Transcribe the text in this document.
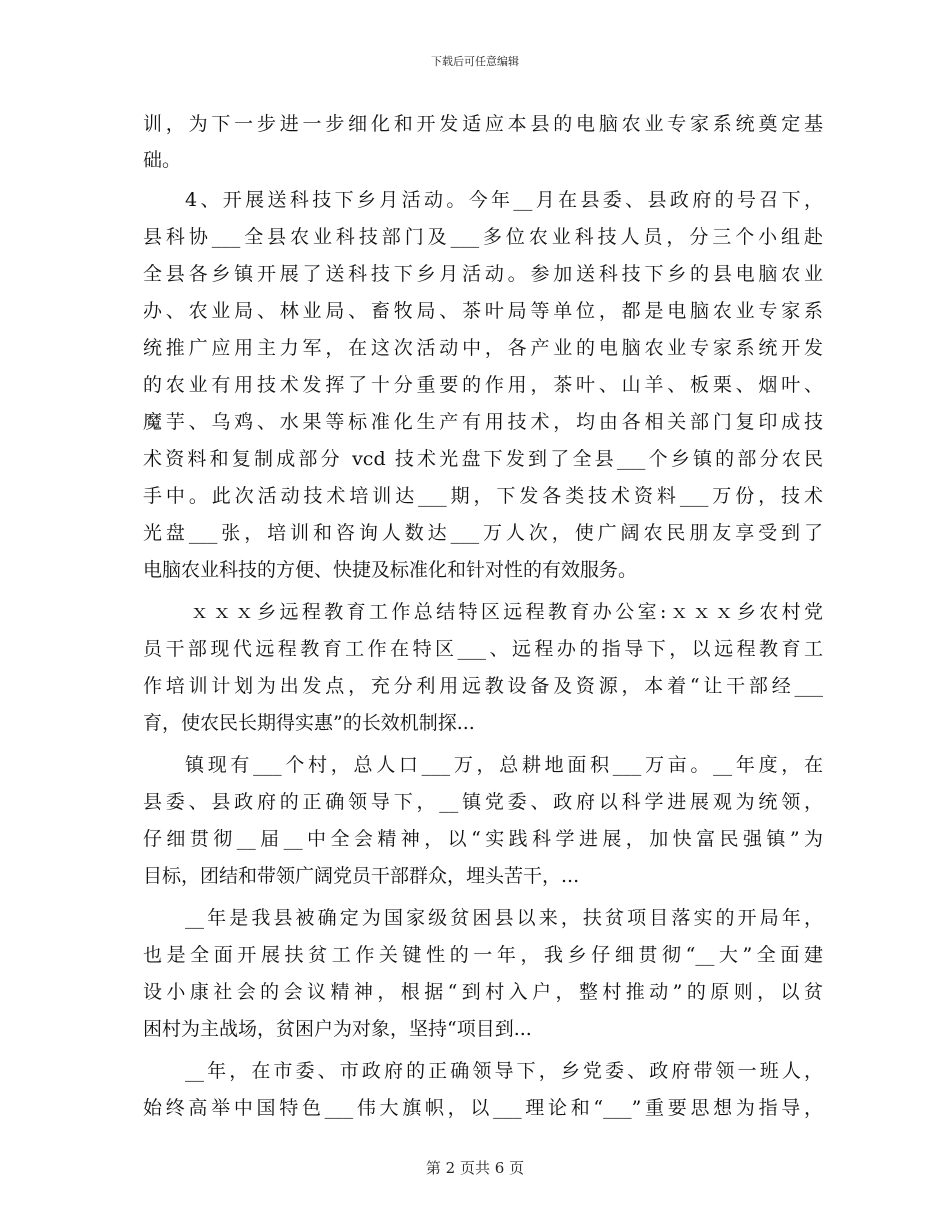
下载后可任意编辑
训，为下一步进一步细化和开发适应本县的电脑农业专家系统奠定基
础。
4、开展送科技下乡月活动。今年__月在县委、县政府的号召下，
县科协___全县农业科技部门及___多位农业科技人员，分三个小组赴
全县各乡镇开展了送科技下乡月活动。参加送科技下乡的县电脑农业
办、农业局、林业局、畜牧局、茶叶局等单位，都是电脑农业专家系
统推广应用主力军，在这次活动中，各产业的电脑农业专家系统开发
的农业有用技术发挥了十分重要的作用，茶叶、山羊、板栗、烟叶、
魔芋、乌鸡、水果等标准化生产有用技术，均由各相关部门复印成技
术资料和复制成部分 vcd 技术光盘下发到了全县___个乡镇的部分农民
手中。此次活动技术培训达___期，下发各类技术资料___万份，技术
光盘___张，培训和咨询人数达___万人次，使广阔农民朋友享受到了
电脑农业科技的方便、快捷及标准化和针对性的有效服务。
ｘｘｘ乡远程教育工作总结特区远程教育办公室:ｘｘｘ乡农村党
员干部现代远程教育工作在特区___、远程办的指导下，以远程教育工
作培训计划为出发点，充分利用远教设备及资源，本着“让干部经___
育，使农民长期得实惠”的长效机制探...
镇现有___个村，总人口___万，总耕地面积___万亩。__年度，在
县委、县政府的正确领导下，__镇党委、政府以科学进展观为统领，
仔细贯彻__届__中全会精神，以“实践科学进展，加快富民强镇”为
目标，团结和带领广阔党员干部群众，埋头苦干，...
__年是我县被确定为国家级贫困县以来，扶贫项目落实的开局年，
也是全面开展扶贫工作关键性的一年，我乡仔细贯彻“__大”全面建
设小康社会的会议精神，根据“到村入户，整村推动”的原则，以贫
困村为主战场，贫困户为对象，坚持“项目到...
__年，在市委、市政府的正确领导下，乡党委、政府带领一班人，
始终高举中国特色___伟大旗帜，以___理论和“___”重要思想为指导，
第 2 页共 6 页
